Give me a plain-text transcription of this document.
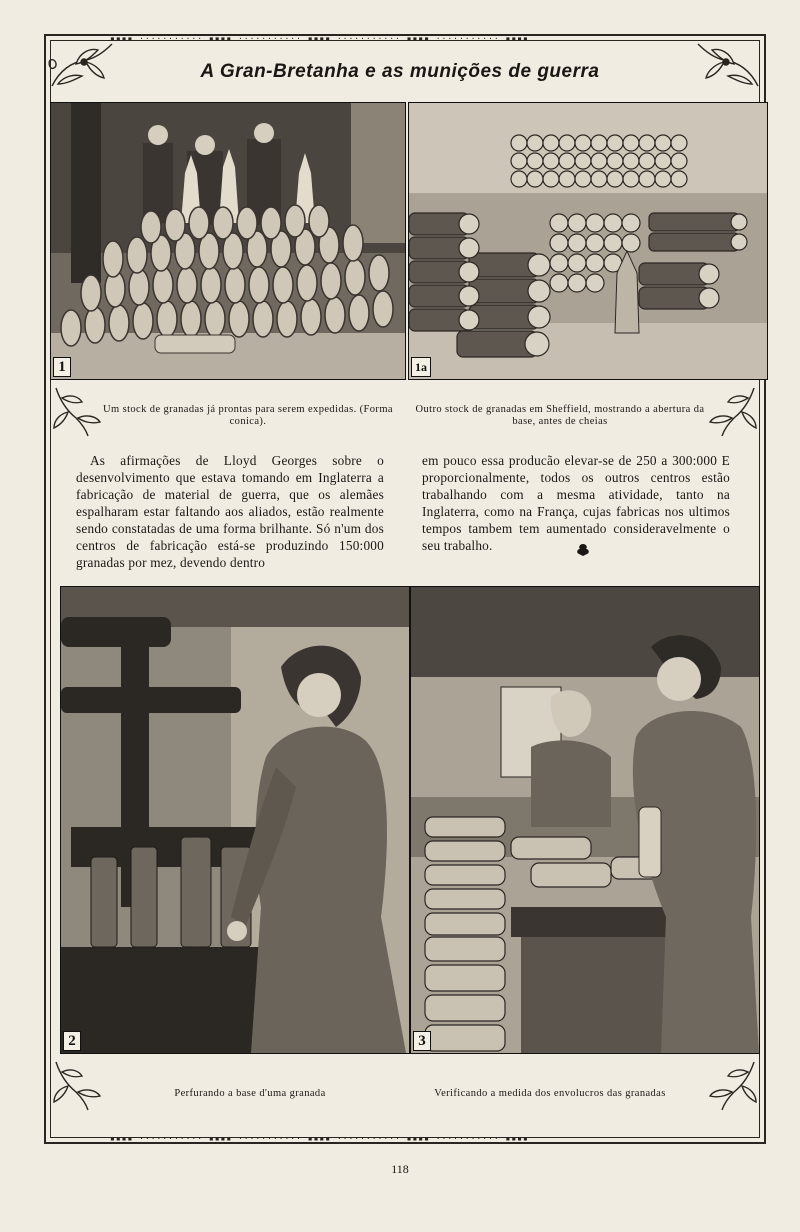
▪▪▪▪ ··········· ▪▪▪▪ ··········· ▪▪▪▪ ··········· ▪▪▪▪ ··········· ▪▪▪▪
▪▪▪▪ ··········· ▪▪▪▪ ··········· ▪▪▪▪ ··········· ▪▪▪▪ ··········· ▪▪▪▪
A Gran-Bretanha e as munições de guerra
1	1a
Um stock de granadas já prontas para serem expedidas. (Forma conica).
Outro stock de granadas em Sheffield, mostrando a abertura da base, antes de cheias
As afirmações de Lloyd Georges sobre o desenvolvimento que estava tomando em Inglaterra a fabricação de material de guerra, que os alemães espalharam estar faltando aos aliados, estão realmente sendo constatadas de uma forma brilhante. Só n'um dos centros de fabricação está-se produzindo 150:000 granadas por mez, devendo dentro
em pouco essa producão elevar-se de 250 a 300:000 E proporcionalmente, todos os outros centros estão trabalhando com a mesma atividade, tanto na Inglaterra, como na França, cujas fabricas nos ultimos tempos tambem tem aumentado consideravelmente o seu trabalho.
2	3
Perfurando a base d'uma granada	Verificando a medida dos envolucros das granadas
118
